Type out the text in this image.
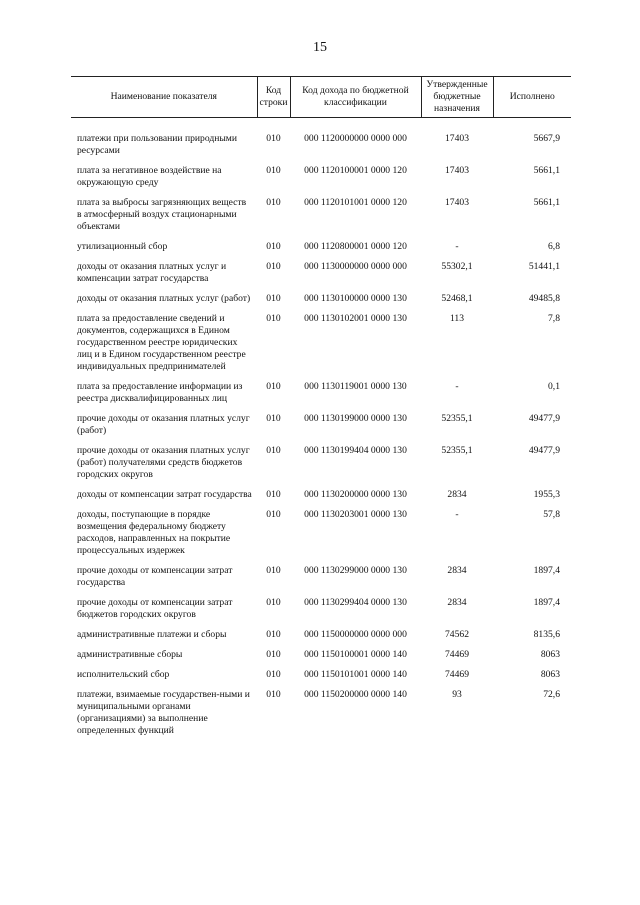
15
Наименование показателя	Код строки	Код дохода по бюджетной классификации	Утвержденные бюджетные назначения	Исполнено
платежи при пользовании природными ресурсами	010	000 1120000000 0000 000	17403	5667,9
плата за негативное воздействие на окружающую среду	010	000 1120100001 0000 120	17403	5661,1
плата за выбросы загрязняющих веществ в атмосферный воздух стационарными объектами	010	000 1120101001 0000 120	17403	5661,1
утилизационный сбор	010	000 1120800001 0000 120	-	6,8
доходы от оказания платных услуг и компенсации затрат государства	010	000 1130000000 0000 000	55302,1	51441,1
доходы от оказания платных услуг (работ)	010	000 1130100000 0000 130	52468,1	49485,8
плата за предоставление сведений и документов, содержащихся в Едином государственном реестре юридических лиц и в Едином государственном реестре индивидуальных предпринимателей	010	000 1130102001 0000 130	113	7,8
плата за предоставление информации из реестра дисквалифицированных лиц	010	000 1130119001 0000 130	-	0,1
прочие доходы от оказания платных услуг (работ)	010	000 1130199000 0000 130	52355,1	49477,9
прочие доходы от оказания платных услуг (работ) получателями средств бюджетов городских округов	010	000 1130199404 0000 130	52355,1	49477,9
доходы от компенсации затрат государства	010	000 1130200000 0000 130	2834	1955,3
доходы, поступающие в порядке возмещения федеральному бюджету расходов, направленных на покрытие процессуальных издержек	010	000 1130203001 0000 130	-	57,8
прочие доходы от компенсации затрат государства	010	000 1130299000 0000 130	2834	1897,4
прочие доходы от компенсации затрат бюджетов городских округов	010	000 1130299404 0000 130	2834	1897,4
административные платежи и сборы	010	000 1150000000 0000 000	74562	8135,6
административные сборы	010	000 1150100001 0000 140	74469	8063
исполнительский сбор	010	000 1150101001 0000 140	74469	8063
платежи, взимаемые государствен-ными и муниципальными органами (организациями) за выполнение определенных функций	010	000 1150200000 0000 140	93	72,6
